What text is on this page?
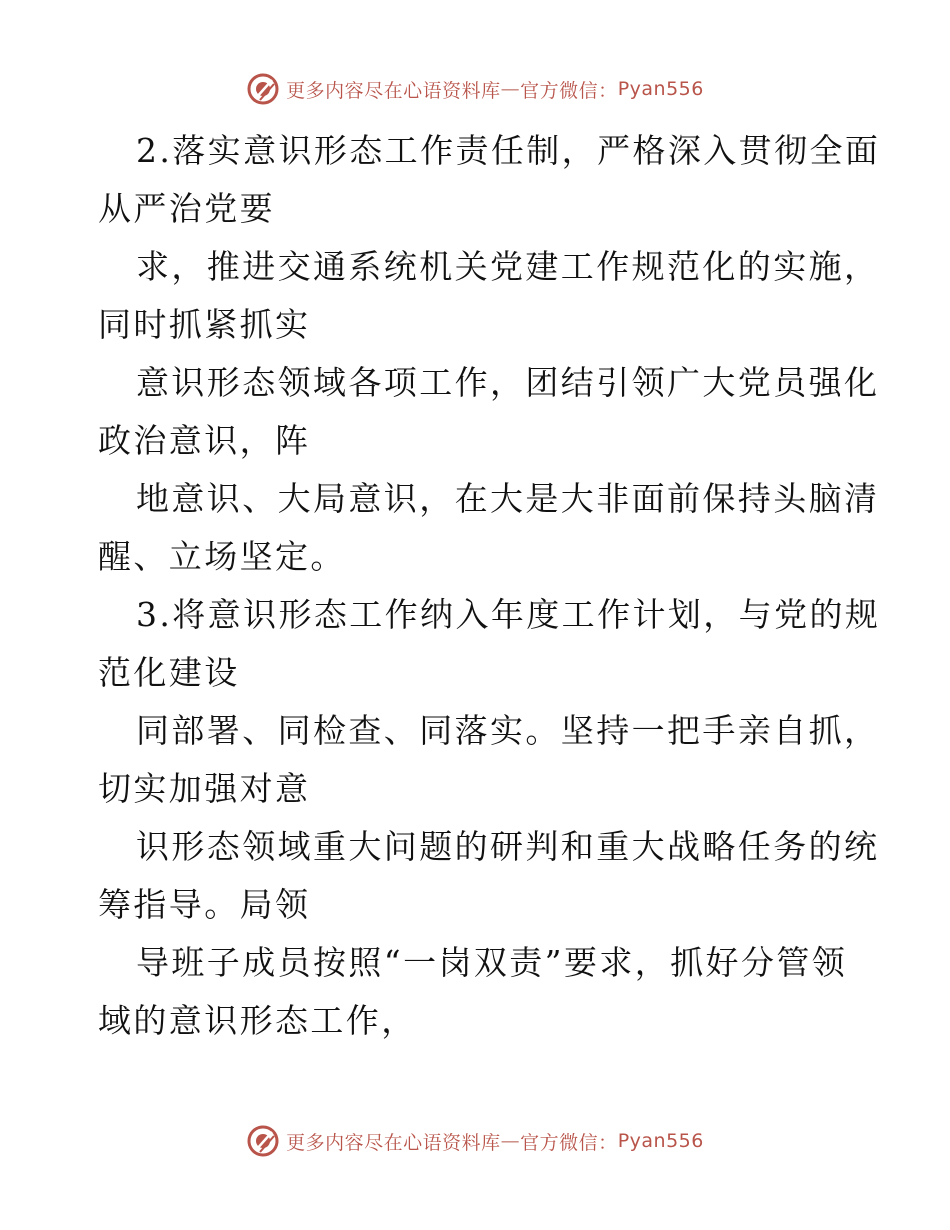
更多内容尽在心语资料库 — 官方微信： Pyan556
2.落实意识形态工作责任制，严格深入贯彻全面
从严治党要
求，推进交通系统机关党建工作规范化的实施，
同时抓紧抓实
意识形态领域各项工作，团结引领广大党员强化
政治意识，阵
地意识、大局意识，在大是大非面前保持头脑清
醒、立场坚定。
3.将意识形态工作纳入年度工作计划，与党的规
范化建设
同部署、同检查、同落实。坚持一把手亲自抓，
切实加强对意
识形态领域重大问题的研判和重大战略任务的统
筹指导。局领
导班子成员按照“一岗双责”要求，抓好分管领
域的意识形态工作，
更多内容尽在心语资料库 — 官方微信： Pyan556
